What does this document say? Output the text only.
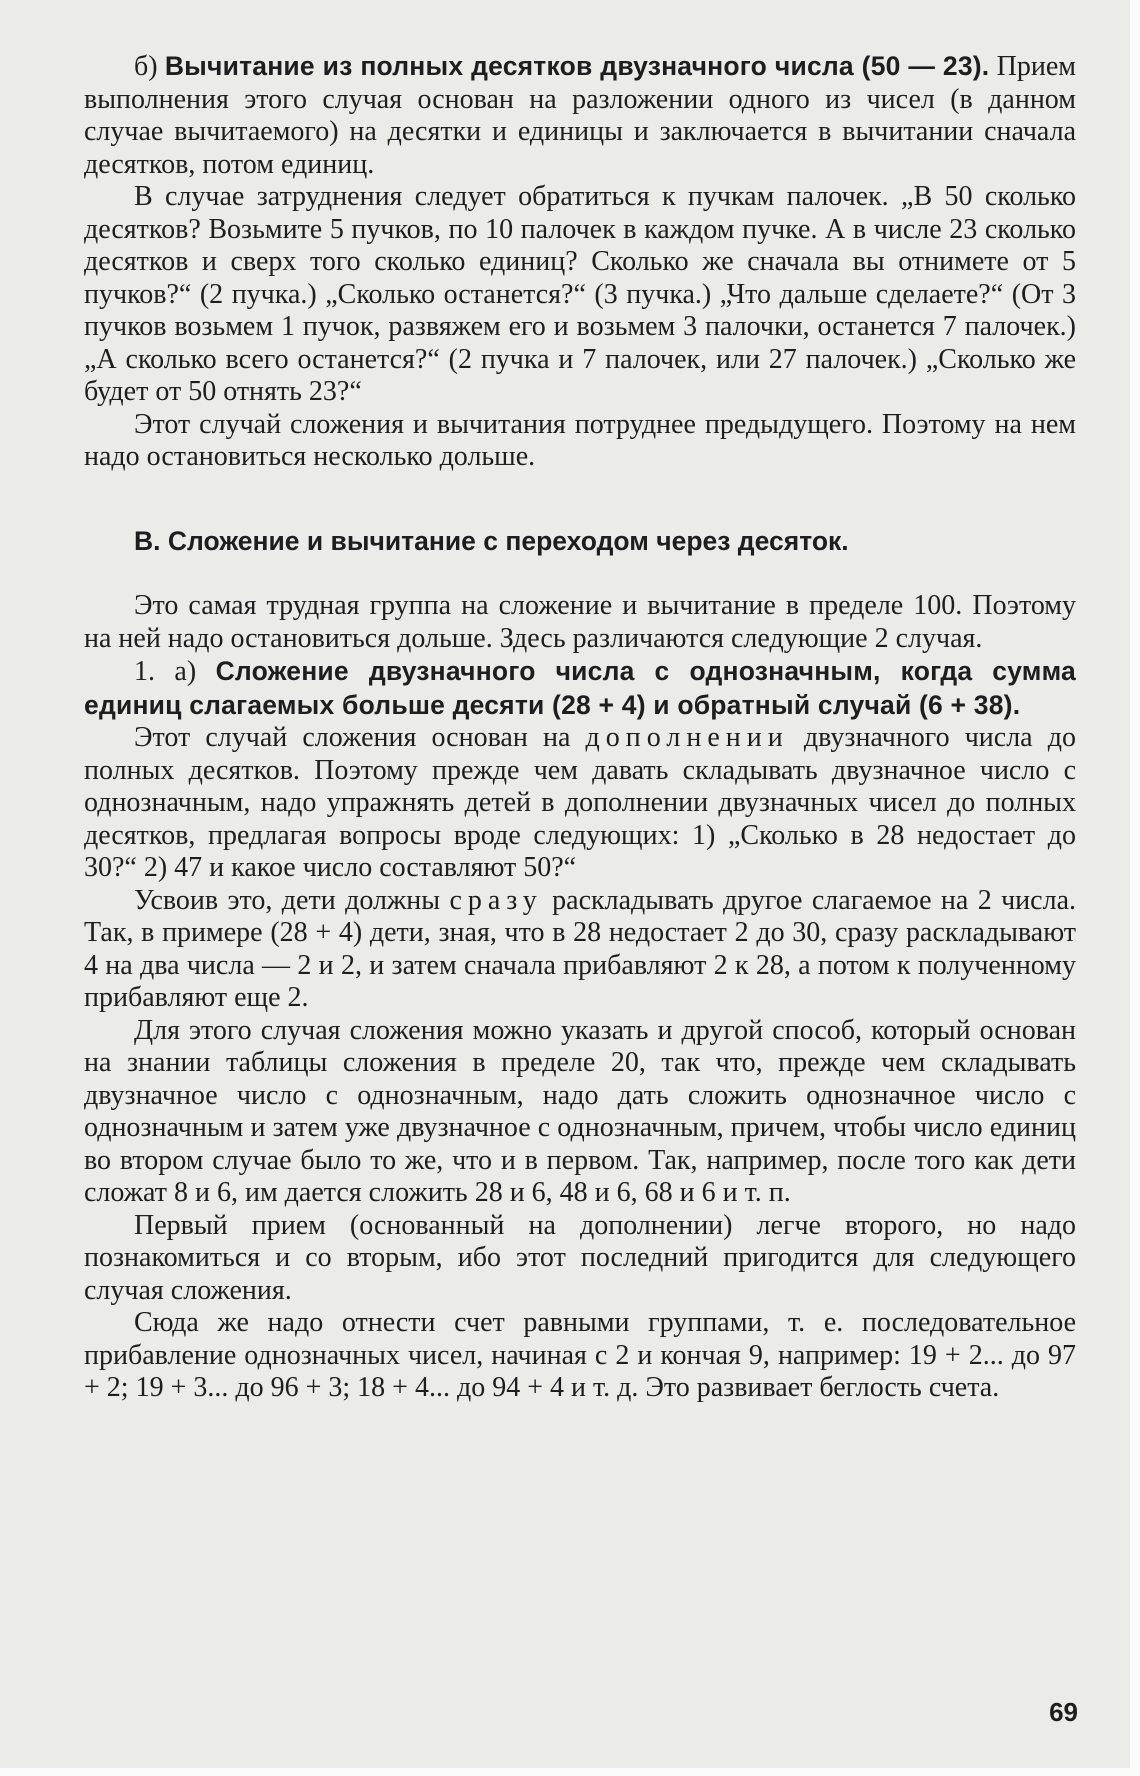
б) Вычитание из полных десятков двузначного числа (50 — 23). Прием выполнения этого случая основан на разложении одного из чисел (в данном случае вычитаемого) на десятки и единицы и заключается в вычитании сначала десятков, потом единиц.

В случае затруднения следует обратиться к пучкам палочек. „В 50 сколько десятков? Возьмите 5 пучков, по 10 палочек в каждом пучке. А в числе 23 сколько десятков и сверх того сколько единиц? Сколько же сначала вы отнимете от 5 пучков?“ (2 пучка.) „Сколько останется?“ (3 пучка.) „Что дальше сделаете?“ (От 3 пучков возьмем 1 пучок, развяжем его и возьмем 3 палочки, останется 7 палочек.) „А сколько всего останется?“ (2 пучка и 7 палочек, или 27 палочек.) „Сколько же будет от 50 отнять 23?“

Этот случай сложения и вычитания потруднее предыдущего. Поэтому на нем надо остановиться несколько дольше.

В. Сложение и вычитание с переходом через десяток.

Это самая трудная группа на сложение и вычитание в пределе 100. Поэтому на ней надо остановиться дольше. Здесь различаются следующие 2 случая.

1. а) Сложение двузначного числа с однозначным, когда сумма единиц слагаемых больше десяти (28 + 4) и обратный случай (6 + 38).

Этот случай сложения основан на дополнении двузначного числа до полных десятков. Поэтому прежде чем давать складывать двузначное число с однозначным, надо упражнять детей в дополнении двузначных чисел до полных десятков, предлагая вопросы вроде следующих: 1) „Сколько в 28 недостает до 30?“ 2) 47 и какое число составляют 50?“

Усвоив это, дети должны сразу раскладывать другое слагаемое на 2 числа. Так, в примере (28 + 4) дети, зная, что в 28 недостает 2 до 30, сразу раскладывают 4 на два числа — 2 и 2, и затем сначала прибавляют 2 к 28, а потом к полученному прибавляют еще 2.

Для этого случая сложения можно указать и другой способ, который основан на знании таблицы сложения в пределе 20, так что, прежде чем складывать двузначное число с однозначным, надо дать сложить однозначное число с однозначным и затем уже двузначное с однозначным, причем, чтобы число единиц во втором случае было то же, что и в первом. Так, например, после того как дети сложат 8 и 6, им дается сложить 28 и 6, 48 и 6, 68 и 6 и т. п.

Первый прием (основанный на дополнении) легче второго, но надо познакомиться и со вторым, ибо этот последний пригодится для следующего случая сложения.

Сюда же надо отнести счет равными группами, т. е. последовательное прибавление однозначных чисел, начиная с 2 и кончая 9, например: 19 + 2... до 97 + 2; 19 + 3... до 96 + 3; 18 + 4... до 94 + 4 и т. д. Это развивает беглость счета.

69
